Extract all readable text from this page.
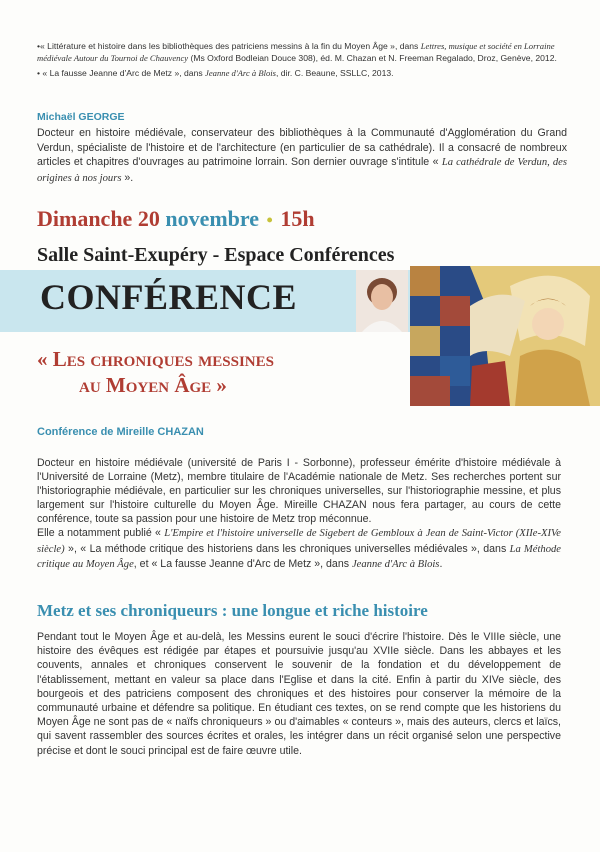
•« Littérature et histoire dans les bibliothèques des patriciens messins à la fin du Moyen Âge », dans Lettres, musique et société en Lorraine médiévale Autour du Tournoi de Chauvency (Ms Oxford Bodleian Douce 308), éd. M. Chazan et N. Freeman Regalado, Droz, Genève, 2012.

• « La fausse Jeanne d'Arc de Metz », dans Jeanne d'Arc à Blois, dir. C. Beaune, SSLLC, 2013.

Michaël GEORGE
Docteur en histoire médiévale, conservateur des bibliothèques à la Communauté d'Agglomération du Grand Verdun, spécialiste de l'histoire et de l'architecture (en particulier de sa cathédrale). Il a consacré de nombreux articles et chapitres d'ouvrages au patrimoine lorrain. Son dernier ouvrage s'intitule « La cathédrale de Verdun, des origines à nos jours ».
Dimanche 20 novembre • 15h
Salle Saint-Exupéry - Espace Conférences
CONFÉRENCE
« Les chroniques messines
au Moyen Âge »
Conférence de Mireille CHAZAN

Docteur en histoire médiévale (université de Paris I - Sorbonne), professeur émérite d'histoire médiévale à l'Université de Lorraine (Metz), membre titulaire de l'Académie nationale de Metz. Ses recherches portent sur l'historiographie médiévale, en particulier sur les chroniques universelles, sur l'historiographie messine, et plus largement sur l'histoire culturelle du Moyen Âge. Mireille CHAZAN nous fera partager, au cours de cette conférence, toute sa passion pour une histoire de Metz trop méconnue.

Elle a notamment publié « L'Empire et l'histoire universelle de Sigebert de Gembloux à Jean de Saint-Victor (XIIe-XIVe siècle) », « La méthode critique des historiens dans les chroniques universelles médiévales », dans La Méthode critique au Moyen Âge, et « La fausse Jeanne d'Arc de Metz », dans Jeanne d'Arc à Blois.

Metz et ses chroniqueurs : une longue et riche histoire
Pendant tout le Moyen Âge et au-delà, les Messins eurent le souci d'écrire l'histoire. Dès le VIIIe siècle, une histoire des évêques est rédigée par étapes et poursuivie jusqu'au XVIIe siècle. Dans les abbayes et les couvents, annales et chroniques conservent le souvenir de la fondation et du développement de l'établissement, mettant en valeur sa place dans l'Eglise et dans la cité. Enfin à partir du XIVe siècle, des bourgeois et des patriciens composent des chroniques et des histoires pour conserver la mémoire de la communauté urbaine et défendre sa politique. En étudiant ces textes, on se rend compte que les historiens du Moyen Âge ne sont pas de « naïfs chroniqueurs » ou d'aimables « conteurs », mais des auteurs, clercs et laïcs, qui savent rassembler des sources écrites et orales, les intégrer dans un récit organisé selon une perspective précise et dont le souci principal est de faire œuvre utile.
